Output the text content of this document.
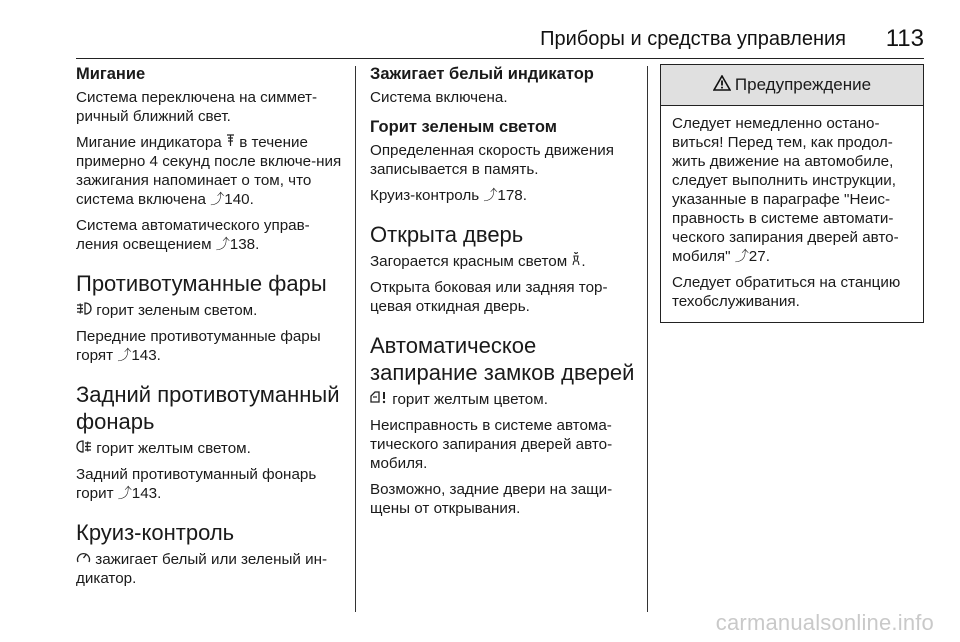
Приборы и средства управления 113
Мигание

Система переключена на симмет-ричный ближний свет.

Мигание индикатора в течение примерно 4 секунд после включе-ния зажигания напоминает о том, что система включена ⤴140.

Система автоматического управ-ления освещением ⤴138.

Противотуманные фары

горит зеленым светом.

Передние противотуманные фары горят ⤴143.

Задний противотуманный фонарь

горит желтым светом.

Задний противотуманный фонарь горит ⤴143.

Круиз-контроль

зажигает белый или зеленый ин-дикатор.

Зажигает белый индикатор

Система включена.

Горит зеленым светом

Определенная скорость движения записывается в память.

Круиз-контроль ⤴178.

Открыта дверь

Загорается красным светом .

Открыта боковая или задняя тор-цевая откидная дверь.

Автоматическое запирание замков дверей

горит желтым цветом.

Неисправность в системе автома-тического запирания дверей авто-мобиля.

Возможно, задние двери на защи-щены от открывания.

Предупреждение

Следует немедленно остано-виться! Перед тем, как продол-жить движение на автомобиле, следует выполнить инструкции, указанные в параграфе "Неис-правность в системе автомати-ческого запирания дверей авто-мобиля" ⤴27.

Следует обратиться на станцию техобслуживания.

carmanualsonline.info
